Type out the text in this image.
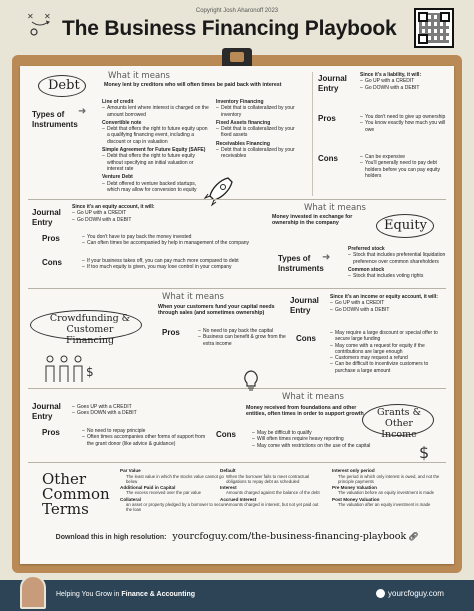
Copyright Josh Aharonoff 2023
✕ ✕
The Business Financing Playbook
Debt
What it means
Money lent by creditors who will often times be paid back with interest
Types of Instruments
➜
Line of credit
– Amounts lent where interest is charged on the amount borrowed
Convertible note
– Debt that offers the right to future equity upon a qualifying financing event, including a discount or cap in valuation
Simple Agreement for Future Equity (SAFE)
– Debt that offers the right to future equity without specifying an initial valuation or interest rate
Venture Debt
– Debt offered to venture backed startups, which may allow for conversion to equity
Inventory Financing
– Debt that is collateralized by your inventory
Fixed Assets financing
– Debt that is collateralized by your fixed assets
Receivables Financing
– Debt that is collateralized by your receivables
Journal Entry
Since it's a liability, it will:
– Go UP with a CREDIT
– Go DOWN with a DEBIT
Pros	– You don't need to give up ownership
– You know exactly how much you will owe
Cons	– Can be expensive
– You'll generally need to pay debt holders before you can pay equity holders
Journal Entry
Since it's an equity account, it will:
– Go UP with a CREDIT
– Go DOWN with a DEBIT
Pros	– You don't have to pay back the money invested
– Can often times be accompanied by help in management of the company
Cons	– If your business takes off, you can pay much more compared to debt
– If too much equity is given, you may lose control in your company
What it means
Money invested in exchange for ownership in the company	Equity
Types of Instruments
➜
Preferred stock
– Stock that includes preferential liquidation preference over common shareholders
Common stock
– Stock that includes voting rights
Crowdfunding & Customer Financing
$
What it means
When your customers fund your capital needs through sales (and sometimes ownership)
Pros	– No need to pay back the capital
– Business can benefit & grow from the extra income
Journal Entry
Since it's an income or equity account, it will:
– Go UP with a CREDIT
– Go DOWN with a DEBIT
Cons
– May require a large discount or special offer to secure large funding
– May come with a request for equity if the contributions are large enough
– Customers may request a refund
– Can be difficult to incentivize customers to purchase a large amount
Journal Entry
– Goes UP with a CREDIT
– Goes DOWN with a DEBIT
Pros	– No need to repay principle
– Often times accompanies other forms of support from the grant donor (like advice & guidance)
What it means
Money received from foundations and other entities, often times in order to support growth	Grants & Other Income
Cons	– May be difficult to qualify
– Will often times require heavy reporting
– May come with restrictions on the use of the capital	$
Other Common Terms
Par Value
The least value in which the stocks value cannot go below
Additional Paid in Capital
The excess received over the par value
Collateral
an asset or property pledged by a borrower to secure the loan
Default
When the borrower fails to meet contractual obligations to repay debt as scheduled
Interest
Amounts charged against the balance of the debt
Accrued Interest
Amounts charged in interest, but not yet paid out
Interest only period
The period in which only interest is owed, and not the principle payments
Pre Money Valuation
The valuation before an equity investment is made
Post Money Valuation
The valuation after an equity investment is made
Download this in high resolution: yourcfoguy.com/the-business-financing-playbook 🔗︎
Helping You Grow in Finance & Accounting	yourcfoguy.com
